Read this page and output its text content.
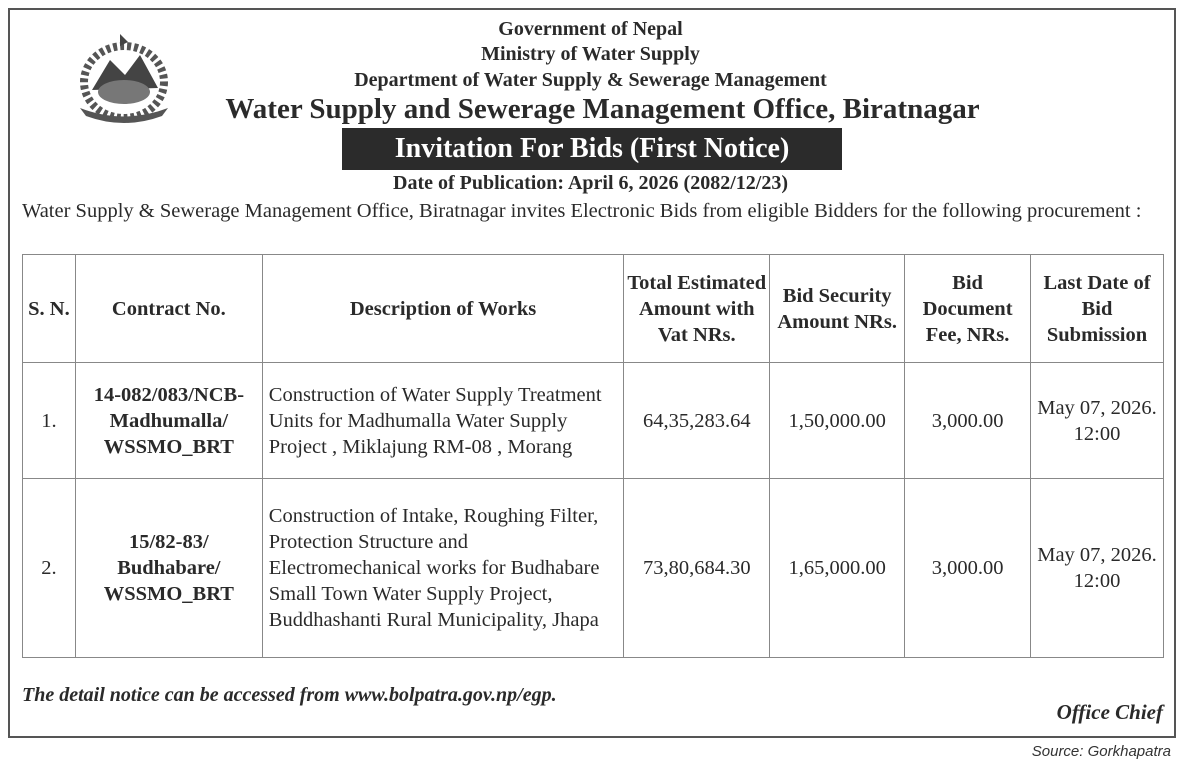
Government of Nepal
Ministry of Water Supply
Department of Water Supply & Sewerage Management
Water Supply and Sewerage Management Office, Biratnagar
Invitation For Bids (First Notice)
Date of Publication: April 6, 2026 (2082/12/23)
Water Supply & Sewerage Management Office, Biratnagar invites Electronic Bids from eligible Bidders for the following procurement :
S. N.	Contract No.	Description of Works	Total Estimated Amount with Vat NRs.	Bid Security Amount NRs.	Bid Document Fee, NRs.	Last Date of Bid Submission
1.	14-082/083/NCB-Madhumalla/ WSSMO_BRT	Construction of Water Supply Treatment Units for Madhumalla Water Supply Project , Miklajung RM-08 , Morang	64,35,283.64	1,50,000.00	3,000.00	May 07, 2026. 12:00
2.	15/82-83/ Budhabare/ WSSMO_BRT	Construction of Intake, Roughing Filter, Protection Structure and Electromechanical works for Budhabare Small Town Water Supply Project, Buddhashanti Rural Municipality, Jhapa	73,80,684.30	1,65,000.00	3,000.00	May 07, 2026. 12:00
The detail notice can be accessed from www.bolpatra.gov.np/egp.
Office Chief
Source: Gorkhapatra
